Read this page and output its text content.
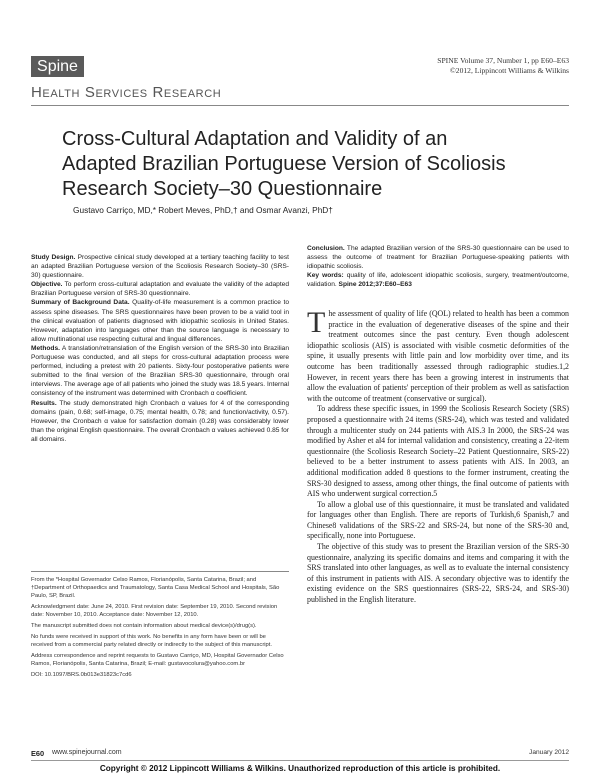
Spine	SPINE Volume 37, Number 1, pp E60–E63
©2012, Lippincott Williams & Wilkins
Health Services Research
Cross-Cultural Adaptation and Validity of an Adapted Brazilian Portuguese Version of Scoliosis Research Society–30 Questionnaire
Gustavo Carriço, MD,* Robert Meves, PhD,† and Osmar Avanzi, PhD†
Study Design. Prospective clinical study developed at a tertiary teaching facility to test an adapted Brazilian Portuguese version of the Scoliosis Research Society–30 (SRS-30) questionnaire.
Objective. To perform cross-cultural adaptation and evaluate the validity of the adapted Brazilian Portuguese version of SRS-30 questionnaire.
Summary of Background Data. Quality-of-life measurement is a common practice to assess spine diseases. The SRS questionnaires have been proven to be a valid tool in the clinical evaluation of patients diagnosed with idiopathic scoliosis in United States. However, adaptation into languages other than the source language is necessary to allow multinational use respecting cultural and lingual differences.
Methods. A translation/retranslation of the English version of the SRS-30 into Brazilian Portuguese was conducted, and all steps for cross-cultural adaptation process were performed, including a pretest with 20 patients. Sixty-four postoperative patients were submitted to the final version of the Brazilian SRS-30 questionnaire, through oral interviews. The average age of all patients who joined the study was 18.5 years. Internal consistency of the instrument was determined with Cronbach α coefficient.
Results. The study demonstrated high Cronbach α values for 4 of the corresponding domains (pain, 0.68; self-image, 0.75; mental health, 0.78; and function/activity, 0.57). However, the Cronbach α value for satisfaction domain (0.28) was considerably lower than the original English questionnaire. The overall Cronbach α values achieved 0.85 for all domains.
Conclusion. The adapted Brazilian version of the SRS-30 questionnaire can be used to assess the outcome of treatment for Brazilian Portuguese-speaking patients with idiopathic scoliosis.
Key words: quality of life, adolescent idiopathic scoliosis, surgery, treatment/outcome, validation. Spine 2012;37:E60–E63

From the *Hospital Governador Celso Ramos, Florianópolis, Santa Catarina, Brazil; and †Department of Orthopaedics and Traumatology, Santa Casa Medical School and Hospitals, São Paulo, SP, Brazil.

Acknowledgment date: June 24, 2010. First revision date: September 19, 2010. Second revision date: November 10, 2010. Acceptance date: November 12, 2010.

The manuscript submitted does not contain information about medical device(s)/drug(s).

No funds were received in support of this work. No benefits in any form have been or will be received from a commercial party related directly or indirectly to the subject of this manuscript.

Address correspondence and reprint requests to Gustavo Carriço, MD, Hospital Governador Celso Ramos, Florianópolis, Santa Catarina, Brazil; E-mail: gustavocolura@yahoo.com.br

DOI: 10.1097/BRS.0b013e31823c7cd6

The assessment of quality of life (QOL) related to health has been a common practice in the evaluation of degenerative diseases of the spine and their treatment outcomes since the past century. Even though adolescent idiopathic scoliosis (AIS) is associated with visible cosmetic deformities of the spine, it usually presents with little pain and low morbidity over time, and its outcome has been traditionally assessed through radiographic studies.1,2 However, in recent years there has been a growing interest in instruments that allow the evaluation of patients' perception of their problem as well as satisfaction with the outcome of treatment (conservative or surgical).

To address these specific issues, in 1999 the Scoliosis Research Society (SRS) proposed a questionnaire with 24 items (SRS-24), which was tested and validated through a multicenter study on 244 patients with AIS.3 In 2000, the SRS-24 was modified by Asher et al4 for internal validation and consistency, creating a 22-item questionnaire (the Scoliosis Research Society–22 Patient Questionnaire, SRS-22) believed to be a better instrument to assess patients with AIS. In 2003, an additional modification added 8 questions to the former instrument, creating the SRS-30 designed to assess, among other things, the final outcome of patients with AIS who underwent surgical correction.5

To allow a global use of this questionnaire, it must be translated and validated for languages other than English. There are reports of Turkish,6 Spanish,7 and Chinese8 validations of the SRS-22 and SRS-24, but none of the SRS-30 and, specifically, none into Portuguese.

The objective of this study was to present the Brazilian version of the SRS-30 questionnaire, analyzing its specific domains and items and comparing it with the SRS translated into other languages, as well as to evaluate the internal consistency of this instrument in patients with AIS. A secondary objective was to identify the existing evidence on the SRS questionnaires (SRS-22, SRS-24, and SRS-30) published in the English literature.

E60 www.spinejournal.com	January 2012
Copyright © 2012 Lippincott Williams & Wilkins. Unauthorized reproduction of this article is prohibited.
